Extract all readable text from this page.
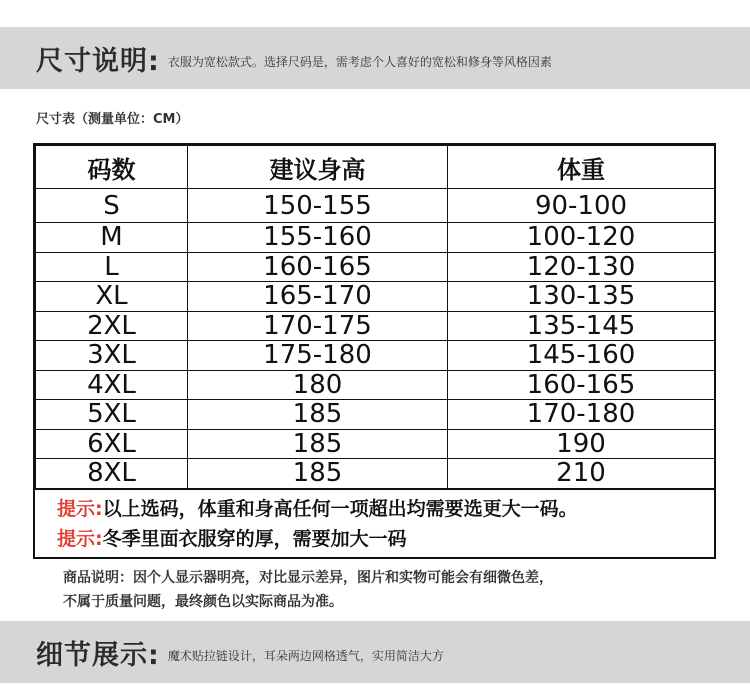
尺寸说明: 衣服为宽松款式。选择尺码是，需考虑个人喜好的宽松和修身等风格因素
尺寸表（测量单位：CM）
码数	建议身高	体重
S	150-155	90-100
M	155-160	100-120
L	160-165	120-130
XL	165-170	130-135
2XL	170-175	135-145
3XL	175-180	145-160
4XL	180	160-165
5XL	185	170-180
6XL	185	190
8XL	185	210
提示:以上选码，体重和身高任何一项超出均需要选更大一码。
提示:冬季里面衣服穿的厚，需要加大一码
商品说明：因个人显示器明亮，对比显示差异，图片和实物可能会有细微色差，
不属于质量问题，最终颜色以实际商品为准。
细节展示: 魔术贴拉链设计，耳朵两边网格透气，实用简洁大方
